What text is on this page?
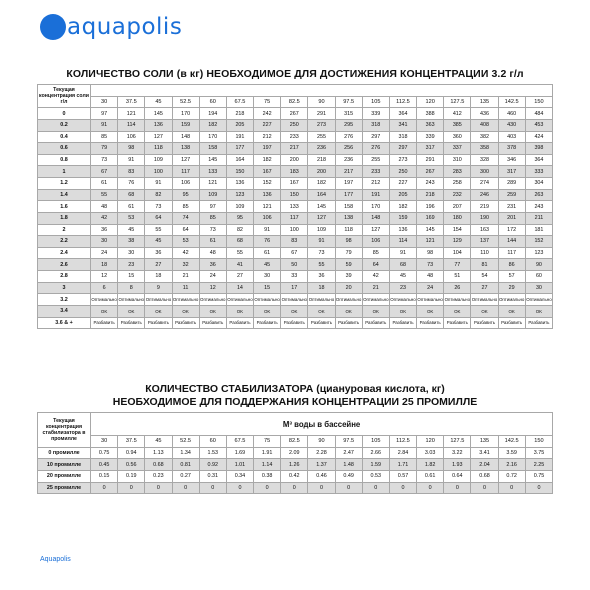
aquapolis
КОЛИЧЕСТВО СОЛИ (в кг) НЕОБХОДИМОЕ ДЛЯ ДОСТИЖЕНИЯ КОНЦЕНТРАЦИИ 3.2 г/л
Текущая концентрация соли г/л																	
	30	37.5	45	52.5	60	67.5	75	82.5	90	97.5	105	112.5	120	127.5	135	142.5	150
0	97	121	145	170	194	218	242	267	291	315	339	364	388	412	436	460	484
0.2	91	114	136	159	182	205	227	250	273	295	318	341	363	385	408	430	453
0.4	85	106	127	148	170	191	212	233	255	276	297	318	339	360	382	403	424
0.6	79	98	118	138	158	177	197	217	236	256	276	297	317	337	358	378	398
0.8	73	91	109	127	145	164	182	200	218	236	255	273	291	310	328	346	364
1	67	83	100	117	133	150	167	183	200	217	233	250	267	283	300	317	333
1.2	61	76	91	106	121	136	152	167	182	197	212	227	243	258	274	289	304
1.4	55	68	82	95	109	123	136	150	164	177	191	205	218	232	246	259	263
1.6	48	61	73	85	97	109	121	133	145	158	170	182	196	207	219	231	243
1.8	42	53	64	74	85	95	106	117	127	138	148	159	169	180	190	201	211
2	36	45	55	64	73	82	91	100	109	118	127	136	145	154	163	172	181
2.2	30	38	45	53	61	68	76	83	91	98	106	114	121	129	137	144	152
2.4	24	30	36	42	48	55	61	67	73	79	85	91	98	104	110	117	123
2.6	18	23	27	32	36	41	45	50	55	59	64	68	73	77	81	86	90
2.8	12	15	18	21	24	27	30	33	36	39	42	45	48	51	54	57	60
3	6	8	9	11	12	14	15	17	18	20	21	23	24	26	27	29	30
3.2	Оптимально	Оптимально	Оптимально	Оптимально	Оптимально	Оптимально	Оптимально	Оптимально	Оптимально	Оптимально	Оптимально	Оптимально	Оптимально	Оптимально	Оптимально	Оптимально	Оптимально
3.4	OK	OK	OK	OK	OK	OK	OK	OK	OK	OK	OK	OK	OK	OK	OK	OK	OK
3.6 & +	Разбавить	Разбавить	Разбавить	Разбавить	Разбавить	Разбавить	Разбавить	Разбавить	Разбавить	Разбавить	Разбавить	Разбавить	Разбавить	Разбавить	Разбавить	Разбавить	Разбавить
КОЛИЧЕСТВО СТАБИЛИЗАТОРА (циануровая кислота, кг)
НЕОБХОДИМОЕ ДЛЯ ПОДДЕРЖАНИЯ КОНЦЕНТРАЦИИ 25 ПРОМИЛЛЕ
Текущая концентрация стабилизатора в промилле	М³ воды в бассейне																
	30	37.5	45	52.5	60	67.5	75	82.5	90	97.5	105	112.5	120	127.5	135	142.5	150
0 промилле	0.75	0.94	1.13	1.34	1.53	1.69	1.91	2.09	2.28	2.47	2.66	2.84	3.03	3.22	3.41	3.59	3.75
10 промилле	0.45	0.56	0.68	0.81	0.92	1.01	1.14	1.26	1.37	1.48	1.59	1.71	1.82	1.93	2.04	2.16	2.25
20 промилле	0.15	0.19	0.23	0.27	0.31	0.34	0.38	0.42	0.46	0.49	0.53	0.57	0.61	0.64	0.68	0.72	0.75
25 промилле	0	0	0	0	0	0	0	0	0	0	0	0	0	0	0	0	0
Aquapolis
